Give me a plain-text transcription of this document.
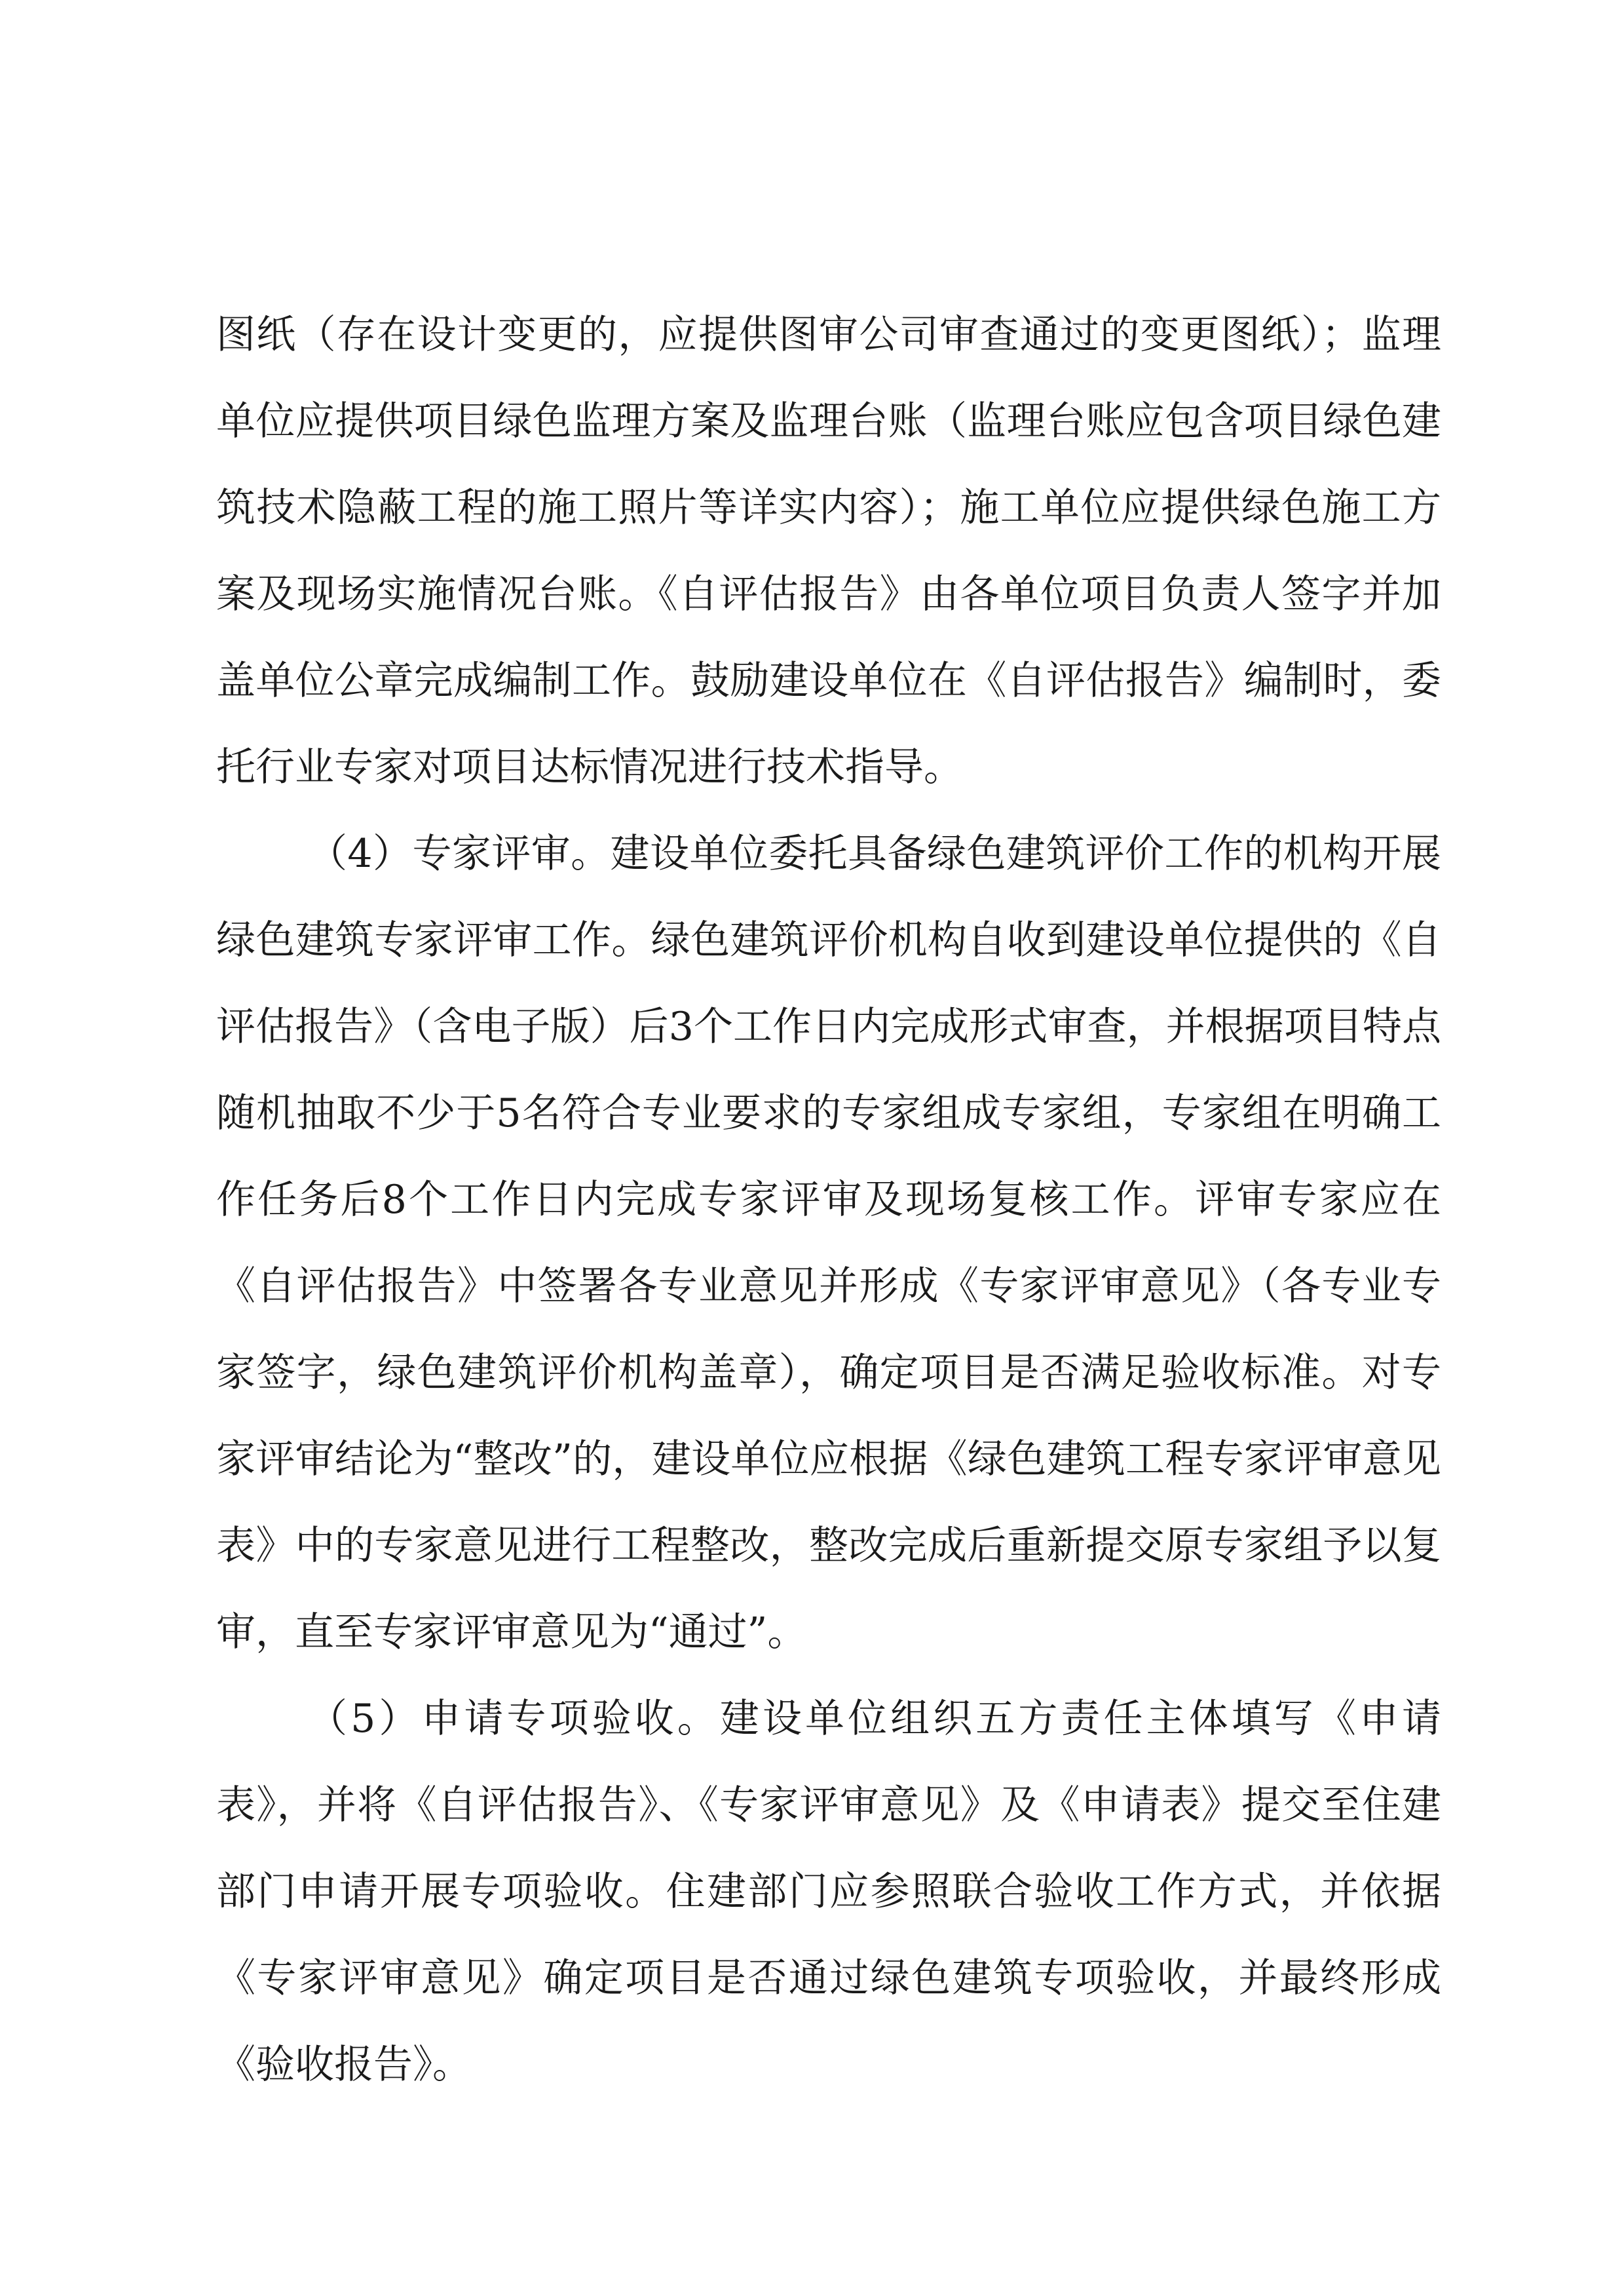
图纸（存在设计变更的，应提供图审公司审查通过的变更图纸）；监理单位应提供项目绿色监理方案及监理台账（监理台账应包含项目绿色建筑技术隐蔽工程的施工照片等详实内容）；施工单位应提供绿色施工方案及现场实施情况台账。《自评估报告》由各单位项目负责人签字并加盖单位公章完成编制工作。鼓励建设单位在《自评估报告》编制时，委托行业专家对项目达标情况进行技术指导。

（4）专家评审。建设单位委托具备绿色建筑评价工作的机构开展绿色建筑专家评审工作。绿色建筑评价机构自收到建设单位提供的《自评估报告》（含电子版）后3个工作日内完成形式审查，并根据项目特点随机抽取不少于5名符合专业要求的专家组成专家组，专家组在明确工作任务后8个工作日内完成专家评审及现场复核工作。评审专家应在《自评估报告》中签署各专业意见并形成《专家评审意见》（各专业专家签字，绿色建筑评价机构盖章），确定项目是否满足验收标准。对专家评审结论为“整改”的，建设单位应根据《绿色建筑工程专家评审意见表》中的专家意见进行工程整改，整改完成后重新提交原专家组予以复审，直至专家评审意见为“通过”。

（5）申请专项验收。建设单位组织五方责任主体填写《申请表》，并将《自评估报告》、《专家评审意见》及《申请表》提交至住建部门申请开展专项验收。住建部门应参照联合验收工作方式，并依据《专家评审意见》确定项目是否通过绿色建筑专项验收，并最终形成《验收报告》。
